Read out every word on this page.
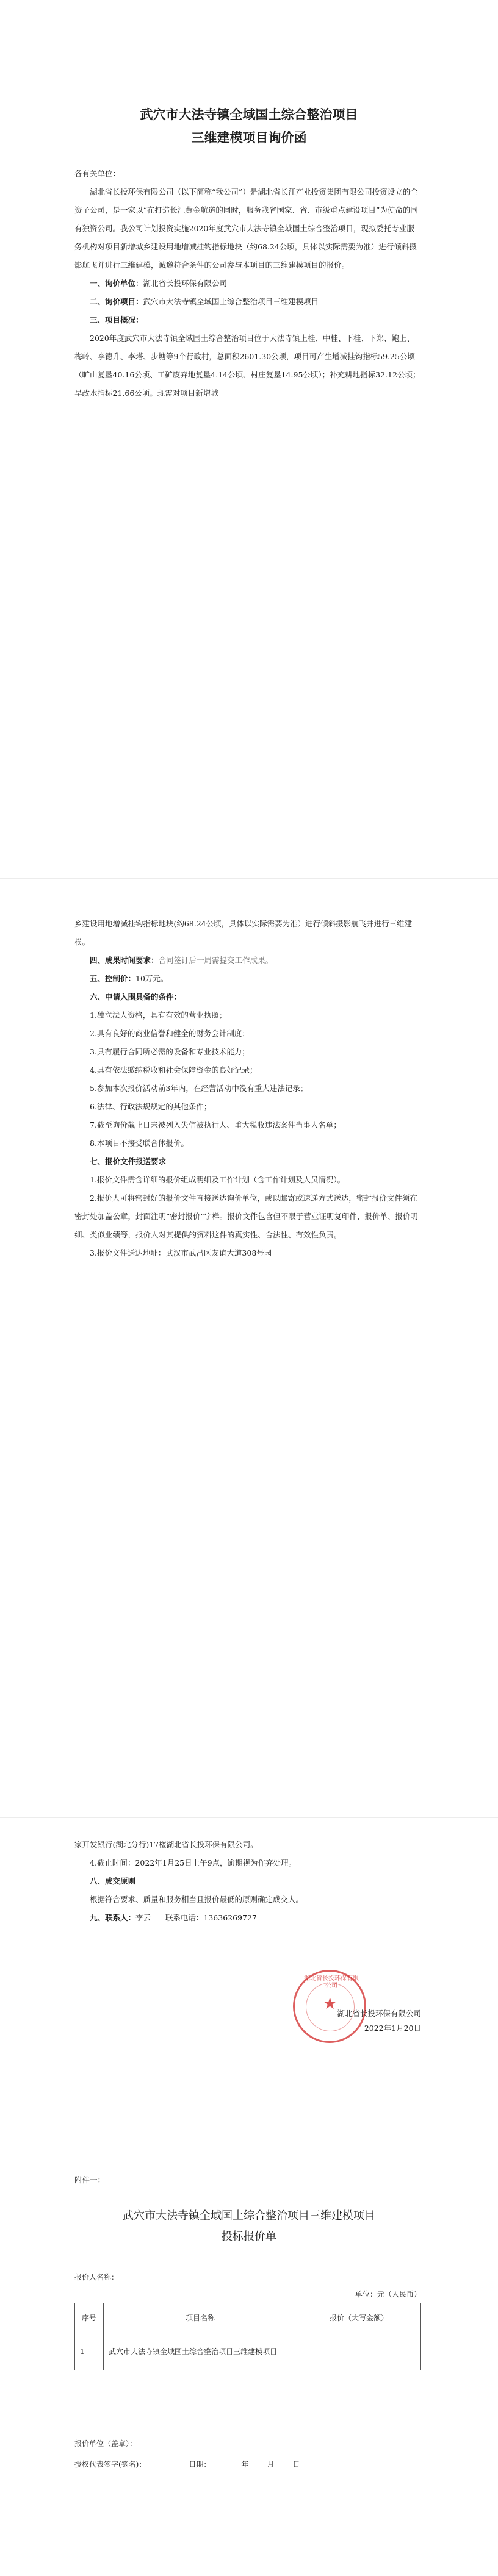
武穴市大法寺镇全域国土综合整治项目
三维建模项目询价函

各有关单位：

湖北省长投环保有限公司（以下简称“我公司”）是湖北省长江产业投资集团有限公司投资设立的全资子公司，是一家以“在打造长江黄金航道的同时，服务我省国家、省、市级重点建设项目”为使命的国有独资公司。我公司计划投资实施2020年度武穴市大法寺镇全域国土综合整治项目，现拟委托专业服务机构对项目新增城乡建设用地增减挂钩指标地块（约68.24公顷，具体以实际需要为准）进行倾斜摄影航飞并进行三维建模，诚邀符合条件的公司参与本项目的三维建模项目的报价。

一、询价单位：湖北省长投环保有限公司

二、询价项目：武穴市大法寺镇全域国土综合整治项目三维建模项目

三、项目概况：

2020年度武穴市大法寺镇全域国土综合整治项目位于大法寺镇上桂、中桂、下桂、下郑、鲍上、梅岭、李德升、李塔、步塘等9个行政村，总面积2601.30公顷，项目可产生增减挂钩指标59.25公顷（旷山复垦40.16公顷、工矿废弃地复垦4.14公顷、村庄复垦14.95公顷）；补充耕地指标32.12公顷；旱改水指标21.66公顷。现需对项目新增城

乡建设用地增减挂钩指标地块(约68.24公顷，具体以实际需要为准）进行倾斜摄影航飞并进行三维建模。

四、成果时间要求：合同签订后一周需提交工作成果。

五、控制价：10万元。

六、申请入围具备的条件：

1.独立法人资格，具有有效的营业执照；

2.具有良好的商业信誉和健全的财务会计制度；

3.具有履行合同所必需的设备和专业技术能力；

4.具有依法缴纳税收和社会保障资金的良好记录；

5.参加本次报价活动前3年内，在经营活动中没有重大违法记录；

6.法律、行政法规规定的其他条件；

7.截至询价截止日未被列入失信被执行人、重大税收违法案件当事人名单；

8.本项目不接受联合体报价。

七、报价文件报送要求

1.报价文件需含详细的报价组成明细及工作计划（含工作计划及人员情况）。

2.报价人可将密封好的报价文件直接送达询价单位，或以邮寄或速递方式送达，密封报价文件须在密封处加盖公章，封面注明“密封报价”字样。报价文件包含但不限于营业证明复印件、报价单、报价明细、类似业绩等，报价人对其提供的资料这件的真实性、合法性、有效性负责。

3.报价文件送达地址：武汉市武昌区友谊大道308号园

家开发银行(湖北分行)17楼湖北省长投环保有限公司。

4.截止时间：2022年1月25日上午9点，逾期视为作弃处理。

八、成交原则

根据符合要求、质量和服务相当且报价最低的原则确定成交人。

九、联系人：李云 联系电话：13636269727

湖北省长投环保有限公司
★

湖北省长投环保有限公司

2022年1月20日

附件一：

武穴市大法寺镇全域国土综合整治项目三维建模项目
投标报价单

报价人名称：

单位：元（人民币）

序号	项目名称	报价（大写金额）
1	武穴市大法寺镇全域国土综合整治项目三维建模项目	

报价单位（盖章）：

授权代表签字(签名)：	日期：	年	月	日
